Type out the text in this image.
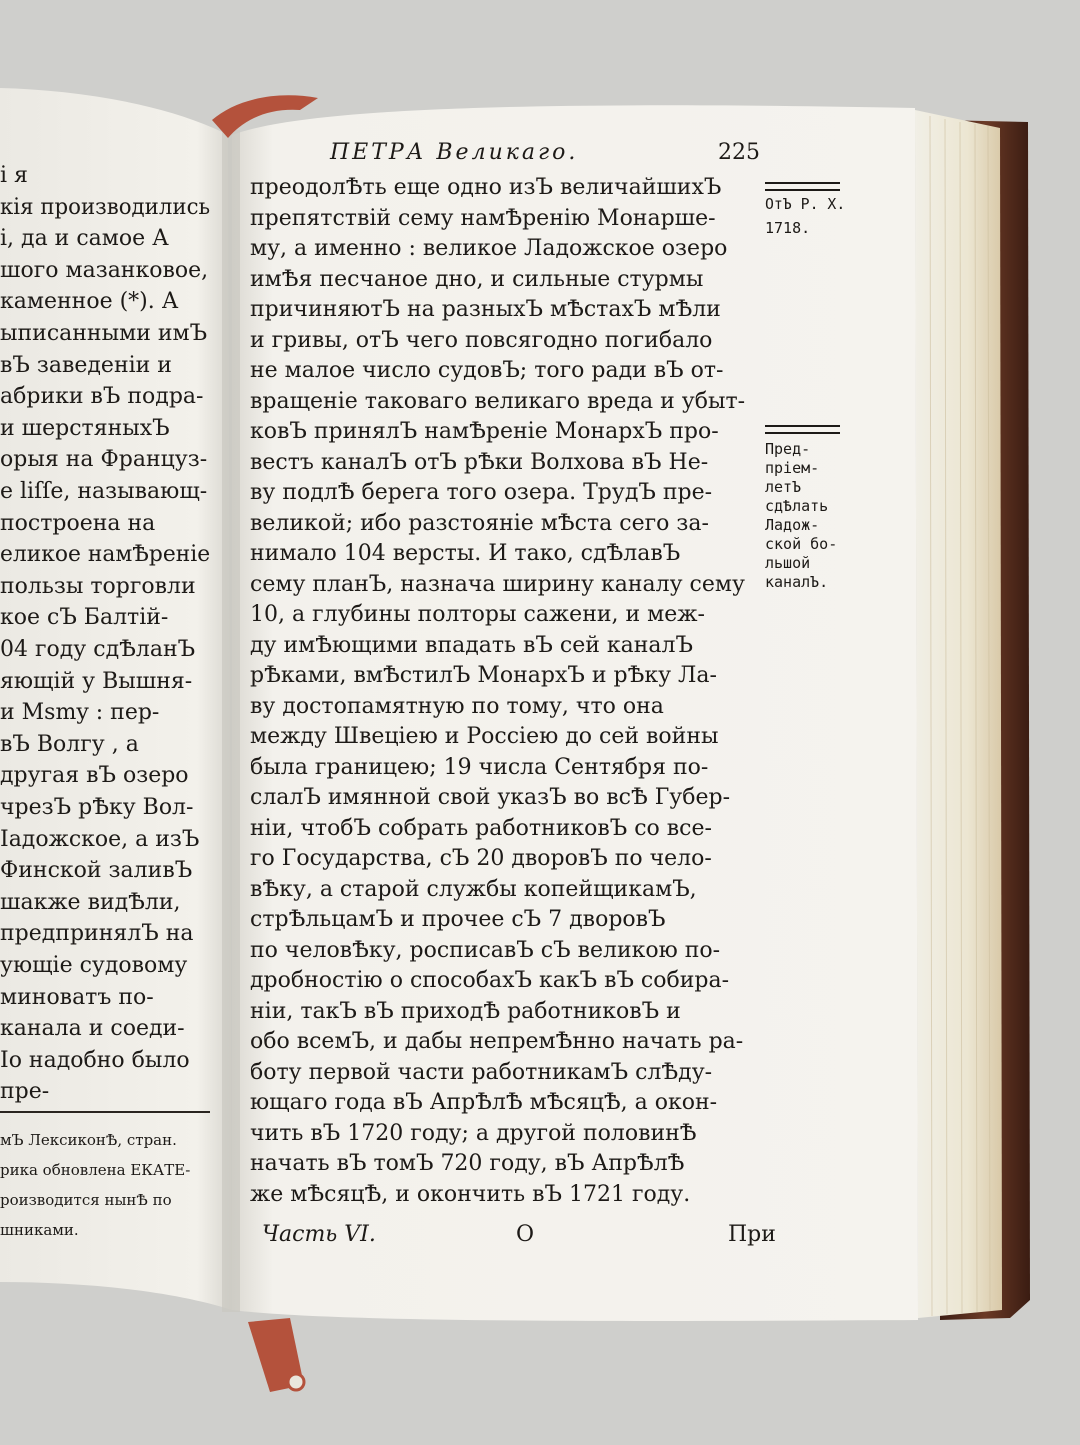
і я
кія производились
і, да и самое А
шого мазанковое,
каменное (*). А
ыписанными имЪ
вЪ заведеніи и
абрики вЪ подра-
и шерстяныхЪ
орыя на Француз-
e liſſe, называющ-
построена на
еликое намѢреніе
пользы торговли
кое сЪ Балтій-
04 году сдѢланЪ
яющій у Вышня-
и Msmy : пер-
вЪ Волгу , а
другая вЪ озеро
чрезЪ рѢку Вол-
Іадожское, а изЪ
Финской заливЪ
шакже видѢли,
предпринялЪ на
ующіе судовому
миноватъ по-
канала и соеди-
Іо надобно было
пре-
мЪ ЛексиконѢ, стран.
рика обновлена ЕКАТЕ-
роизводится нынѢ по
шниками.
ПЕТРА Великаго.	225
преодолѢть еще одно изЪ величайшихЪ
препятствій сему намѢренію Монарше-
му, а именно : великое Ладожское озеро
имѢя песчаное дно, и сильные стурмы
причиняютЪ на разныхЪ мѢстахЪ мѢли
и гривы, отЪ чего повсягодно погибало
не малое число судовЪ; того ради вЪ от-
вращеніе таковаго великаго вреда и убыт-
ковЪ принялЪ намѢреніе МонархЪ про-
вестъ каналЪ отЪ рѢки Волхова вЪ Не-
ву подлѢ берега того озера. ТрудЪ пре-
великой; ибо разстояніе мѢста сего за-
нимало 104 версты. И тако, сдѢлавЪ
сему планЪ, назнача ширину каналу сему
10, а глубины полторы сажени, и меж-
ду имѢющими впадать вЪ сей каналЪ
рѢками, вмѢстилЪ МонархЪ и рѢку Ла-
ву достопамятную по тому, что она
между Швеціею и Россіею до сей войны
была границею; 19 числа Сентября по-
слалЪ имянной свой указЪ во всѢ Губер-
ніи, чтобЪ собрать работниковЪ со все-
го Государства, сЪ 20 дворовЪ по чело-
вѢку, а старой службы копейщикамЪ,
стрѢльцамЪ и прочее сЪ 7 дворовЪ
по человѢку, росписавЪ сЪ великою по-
дробностію о способахЪ какЪ вЪ собира-
ніи, такЪ вЪ приходѢ работниковЪ и
обо всемЪ, и дабы непремѢнно начать ра-
боту первой части работникамЪ слѢду-
ющаго года вЪ АпрѢлѢ мѢсяцѢ, а окон-
чить вЪ 1720 году; а другой половинѢ
начать вЪ томЪ 720 году, вЪ АпрѢлѢ
же мѢсяцѢ, и окончить вЪ 1721 году.
ОтЪ Р. Х.
1718.
Пред-
пріем-
летЪ
сдѢлать
Ладож-
ской бо-
льшой
каналЪ.
Часть VI.	О	При
